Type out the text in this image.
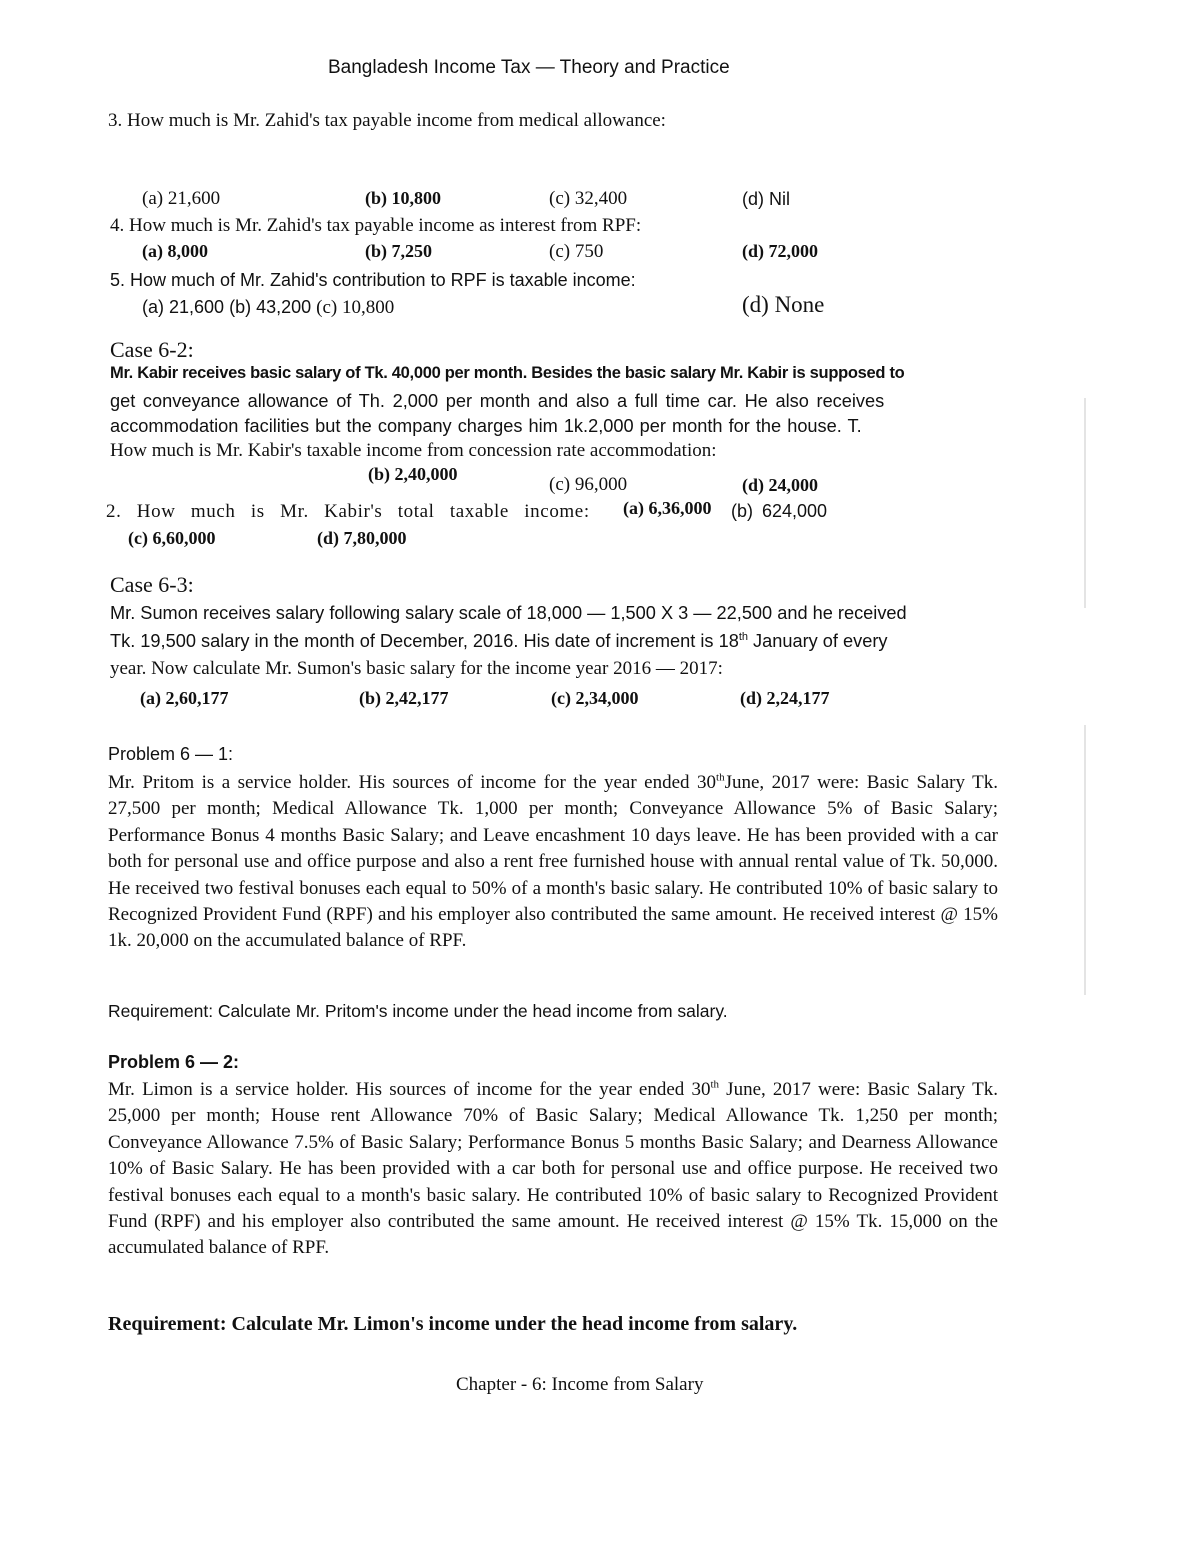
Bangladesh Income Tax — Theory and Practice
3. How much is Mr. Zahid's tax payable income from medical allowance:
(a) 21,600	(b) 10,800	(c) 32,400	(d) Nil
4. How much is Mr. Zahid's tax payable income as interest from RPF:
(a) 8,000	(b) 7,250	(c) 750	(d) 72,000
5. How much of Mr. Zahid's contribution to RPF is taxable income:
(a) 21,600 (b) 43,200 (c) 10,800	(d) None
Case 6-2:
Mr. Kabir receives basic salary of Tk. 40,000 per month. Besides the basic salary Mr. Kabir is supposed to
get conveyance allowance of Th. 2,000 per month and also a full time car. He also receives
accommodation facilities but the company charges him 1k.2,000 per month for the house. T.
How much is Mr. Kabir's taxable income from concession rate accommodation:
(b) 2,40,000	(c) 96,000	(d) 24,000
2. How much is Mr. Kabir's total taxable income: (a) 6,36,000 (b) 624,000
(c) 6,60,000	(d) 7,80,000
Case 6-3:
Mr. Sumon receives salary following salary scale of 18,000 — 1,500 X 3 — 22,500 and he received
Tk. 19,500 salary in the month of December, 2016. His date of increment is 18th January of every
year. Now calculate Mr. Sumon's basic salary for the income year 2016 — 2017:
(a) 2,60,177	(b) 2,42,177	(c) 2,34,000	(d) 2,24,177
Problem 6 — 1:
Mr. Pritom is a service holder. His sources of income for the year ended 30thJune, 2017 were: Basic Salary Tk. 27,500 per month; Medical Allowance Tk. 1,000 per month; Conveyance Allowance 5% of Basic Salary; Performance Bonus 4 months Basic Salary; and Leave encashment 10 days leave. He has been provided with a car both for personal use and office purpose and also a rent free furnished house with annual rental value of Tk. 50,000. He received two festival bonuses each equal to 50% of a month's basic salary. He contributed 10% of basic salary to Recognized Provident Fund (RPF) and his employer also contributed the same amount. He received interest @ 15% 1k. 20,000 on the accumulated balance of RPF.
Requirement: Calculate Mr. Pritom's income under the head income from salary.
Problem 6 — 2:
Mr. Limon is a service holder. His sources of income for the year ended 30th June, 2017 were: Basic Salary Tk. 25,000 per month; House rent Allowance 70% of Basic Salary; Medical Allowance Tk. 1,250 per month; Conveyance Allowance 7.5% of Basic Salary; Performance Bonus 5 months Basic Salary; and Dearness Allowance 10% of Basic Salary. He has been provided with a car both for personal use and office purpose. He received two festival bonuses each equal to a month's basic salary. He contributed 10% of basic salary to Recognized Provident Fund (RPF) and his employer also contributed the same amount. He received interest @ 15% Tk. 15,000 on the accumulated balance of RPF.
Requirement: Calculate Mr. Limon's income under the head income from salary.
Chapter - 6: Income from Salary
